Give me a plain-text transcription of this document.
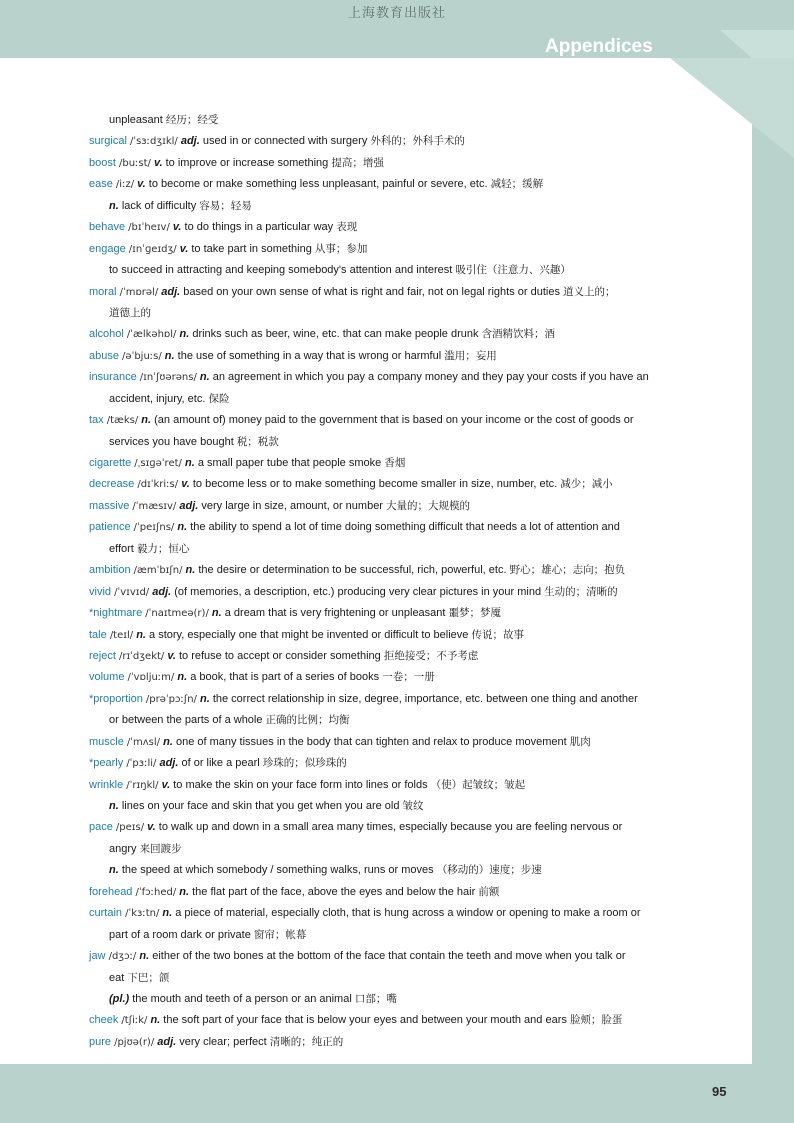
上海教育出版社
Appendices
unpleasant 经历；经受
surgical /ˈsɜːdʒɪkl/ adj. used in or connected with surgery 外科的；外科手术的
boost /buːst/ v. to improve or increase something 提高；增强
ease /iːz/ v. to become or make something less unpleasant, painful or severe, etc. 减轻；缓解
n. lack of difficulty 容易；轻易
behave /bɪˈheɪv/ v. to do things in a particular way 表现
engage /ɪnˈɡeɪdʒ/ v. to take part in something 从事；参加
to succeed in attracting and keeping somebody's attention and interest 吸引住（注意力、兴趣）
moral /ˈmɒrəl/ adj. based on your own sense of what is right and fair, not on legal rights or duties 道义上的；
道德上的
alcohol /ˈælkəhɒl/ n. drinks such as beer, wine, etc. that can make people drunk 含酒精饮料；酒
abuse /əˈbjuːs/ n. the use of something in a way that is wrong or harmful 滥用；妄用
insurance /ɪnˈʃʊərəns/ n. an agreement in which you pay a company money and they pay your costs if you have an
accident, injury, etc. 保险
tax /tæks/ n. (an amount of) money paid to the government that is based on your income or the cost of goods or
services you have bought 税；税款
cigarette /ˌsɪɡəˈret/ n. a small paper tube that people smoke 香烟
decrease /dɪˈkriːs/ v. to become less or to make something become smaller in size, number, etc. 减少；减小
massive /ˈmæsɪv/ adj. very large in size, amount, or number 大量的；大规模的
patience /ˈpeɪʃns/ n. the ability to spend a lot of time doing something difficult that needs a lot of attention and
effort 毅力；恒心
ambition /æmˈbɪʃn/ n. the desire or determination to be successful, rich, powerful, etc. 野心；雄心；志向；抱负
vivid /ˈvɪvɪd/ adj. (of memories, a description, etc.) producing very clear pictures in your mind 生动的；清晰的
*nightmare /ˈnaɪtmeə(r)/ n. a dream that is very frightening or unpleasant 噩梦；梦魇
tale /teɪl/ n. a story, especially one that might be invented or difficult to believe 传说；故事
reject /rɪˈdʒekt/ v. to refuse to accept or consider something 拒绝接受；不予考虑
volume /ˈvɒljuːm/ n. a book, that is part of a series of books 一卷；一册
*proportion /prəˈpɔːʃn/ n. the correct relationship in size, degree, importance, etc. between one thing and another
or between the parts of a whole 正确的比例；均衡
muscle /ˈmʌsl/ n. one of many tissues in the body that can tighten and relax to produce movement 肌肉
*pearly /ˈpɜːli/ adj. of or like a pearl 珍珠的；似珍珠的
wrinkle /ˈrɪŋkl/ v. to make the skin on your face form into lines or folds （使）起皱纹；皱起
n. lines on your face and skin that you get when you are old 皱纹
pace /peɪs/ v. to walk up and down in a small area many times, especially because you are feeling nervous or
angry 来回踱步
n. the speed at which somebody / something walks, runs or moves （移动的）速度；步速
forehead /ˈfɔːhed/ n. the flat part of the face, above the eyes and below the hair 前额
curtain /ˈkɜːtn/ n. a piece of material, especially cloth, that is hung across a window or opening to make a room or
part of a room dark or private 窗帘；帐幕
jaw /dʒɔː/ n. either of the two bones at the bottom of the face that contain the teeth and move when you talk or
eat 下巴；颌
(pl.) the mouth and teeth of a person or an animal 口部；嘴
cheek /tʃiːk/ n. the soft part of your face that is below your eyes and between your mouth and ears 脸颊；脸蛋
pure /pjʊə(r)/ adj. very clear; perfect 清晰的；纯正的
95
